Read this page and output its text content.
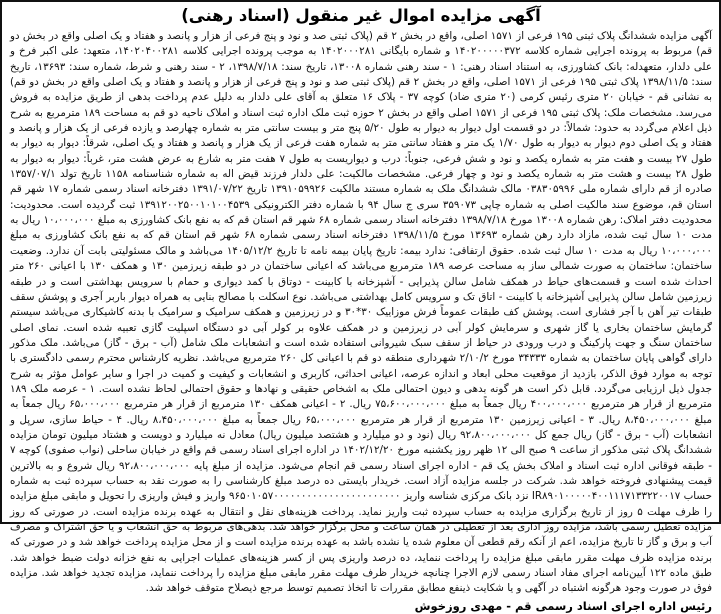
آگهی مزایده اموال غیر منقول (اسناد رهنی)
آگهی مزایده ششدانگ پلاک ثبتی ۱۹۵ فرعی از ۱۵۷۱ اصلی، واقع در بخش ۲ قم (پلاک ثبتی صد و نود و پنج فرعی از هزار و پانصد و هفتاد و یک اصلی واقع در بخش دو قم) مربوط به پرونده اجرایی شماره کلاسه ۱۴۰۲۰۰۰۰۰۳۷۲ و شماره بایگانی ۱۴۰۲۰۰۰۲۸۱ به موجب پرونده اجرایی کلاسه ۱۴۰۲۰۴۰۰۲۸۱، متعهد: علی اکبر فرخ و علی دلدار، متعهدله: بانک کشاورزی، به استناد اسناد رهنی: ۱ - سند رهنی شماره ۱۳۰۰۸، تاریخ سند: ۱۳۹۸/۷/۱۸، ۲ - سند رهنی و شرط، شماره سند: ۱۳۶۹۳، تاریخ سند: ۱۳۹۸/۱۱/۵ پلاک ثبتی ۱۹۵ فرعی از ۱۵۷۱ اصلی، واقع در بخش ۲ قم (پلاک ثبتی صد و نود و پنج فرعی از هزار و پانصد و هفتاد و یک اصلی واقع در بخش دو قم) به نشانی قم - خیابان ۲۰ متری رئیس کرمی (۲۰ متری ضاد) کوچه ۳۷ - پلاک ۱۶ متعلق به آقای علی دلدار به دلیل عدم پرداخت بدهی از طریق مزایده به فروش می‌رسد. مشخصات ملک: پلاک ثبتی ۱۹۵ فرعی از ۱۵۷۱ اصلی واقع در بخش ۲ حوزه ثبت ملک اداره ثبت اسناد و املاک ناحیه دو قم به مساحت ۱۸۹ مترمربع به شرح ذیل اعلام می‌گردد به حدود: شمالاً: در دو قسمت اول دیوار به دیوار به طول ۵/۲۰ پنج متر و بیست سانتی متر به شماره چهارصد و یازده فرعی از یک هزار و پانصد و هفتاد و یک اصلی دوم دیوار به دیوار به طول ۱/۷۰ یک متر و هفتاد سانتی متر به شماره هفت فرعی از یک هزار و پانصد و هفتاد و یک اصلی، شرقاً: دیوار به دیوار به طول ۲۷ بیست و هفت متر به شماره یکصد و نود و شش فرعی، جنوباً: درب و دیواریست به طول ۷ هفت متر به شارع به عرض هشت متر، غرباً: دیوار به دیوار به طول ۲۸ بیست و هشت متر به شماره یکصد و نود و چهار فرعی. مشخصات مالکیت: علی دلدار فرزند قیض اله به شماره شناسنامه ۱۱۵۸ تاریخ تولد ۱۳۵۷/۰۷/۱ صادره از قم دارای شماره ملی ۰۳۸۳۰۵۹۹۶ مالک ششدانگ ملک به شماره مستند مالکیت ۱۳۹۱۰۵۹۹۲۶ تاریخ ۱۳۹۱/۰۷/۲۲ دفترخانه اسناد رسمی شماره ۱۷ شهر قم استان قم، موضوع سند مالکیت اصلی به شماره چاپی ۳۵۹۰۷۳ سری ج سال ۹۴ با شماره دفتر الکترونیکی ۱۳۹۱۲۰۰۲۵۰۰۱۰۱۰۰۴۵۳۹ ثبت گردیده است. محدودیت: محدودیت دفتر املاک: رهن شماره ۱۳۰۰۸ مورخ ۱۳۹۸/۷/۱۸ دفترخانه اسناد رسمی شماره ۶۸ شهر قم استان قم که به نفع بانک کشاورزی به مبلغ ۱۰،۰۰۰،۰۰۰ ریال به مدت ۱۰ سال ثبت شده، مازاد دارد رهن شماره ۱۳۶۹۳ مورخ ۱۳۹۸/۱۱/۵ دفترخانه اسناد رسمی شماره ۶۸ شهر قم استان قم که به نفع بانک کشاورزی به مبلغ ۱۰،۰۰۰،۰۰۰ ریال به مدت ۱۰ سال ثبت شده. حقوق ارتفاقی: ندارد بیمه: تاریخ پایان بیمه نامه تا تاریخ ۱۴۰۵/۱۲/۲ می‌باشد و مالک مسئولیتی بابت آن ندارد. وضعیت ساختمان: ساختمان به صورت شمالی ساز به مساحت عرصه ۱۸۹ مترمربع می‌باشد که اعیانی ساختمان در دو طبقه زیرزمین ۱۳۰ و همکف ۱۳۰ با اعیانی ۲۶۰ متر احداث شده است و قسمت‌های حیاط در همکف شامل سالن پذیرایی - آشپزخانه با کابینت - دوتاق با کمد دیواری و حمام با سرویس بهداشتی است و در طبقه زیرزمین شامل سالن پذیرایی آشپزخانه با کابینت - اتاق تک و سرویس کامل بهداشتی می‌باشد. نوع اسکلت با مصالح بنایی به همراه دیوار باربر آجری و پوشش سقف طبقات تیر آهن با آجر فشاری است. پوشش کف طبقات عموماً فرش موزاییک ۳۰*۳۰ و در زیرزمین و همکف سرامیک و سرامیک با بدنه کاشیکاری می‌باشد سیستم گرمایش ساختمان بخاری یا گاز شهری و سرمایش کولر آبی در زیرزمین و در همکف علاوه بر کولر آبی دو دستگاه اسپلیت گازی تعبیه شده است. نمای اصلی ساختمان سنگ و جهت پارکینگ و درب ورودی در حیاط از سقف سبک شیروانی استفاده شده است و انشعابات ملک شامل (آب - برق - گاز) می‌باشد. ملک مذکور دارای گواهی پایان ساختمان به شماره ۳۴۳۳۳ مورخ ۲/۱۰/۲ شهرداری منطقه دو قم با اعیانی کل ۲۶۰ مترمربع می‌باشد. نظریه کارشناس محترم رسمی دادگستری با توجه به موارد فوق الذکر، بازدید از موقعیت محلی ابعاد و اندازه عرصه، اعیانی احداثی، کاربری و انشعابات و کیفیت و کمیت در اجرا و سایر عوامل مؤثر به شرح جدول ذیل ارزیابی می‌گردد. قابل ذکر است هر گونه بدهی و دیون احتمالی ملک به اشخاص حقیقی و نهادها و حقوق احتمالی لحاظ نشده است. ۱ - عرصه ملک ۱۸۹ مترمربع از قرار هر مترمربع ۴۰۰،۰۰۰،۰۰۰ ریال جمعاً به مبلغ ۷۵،۶۰۰،۰۰۰،۰۰۰ ریال. ۲ - اعیانی همکف ۱۳۰ مترمربع از قرار هر مترمربع ۶۵،۰۰۰،۰۰۰ ریال جمعاً به مبلغ ۸،۴۵۰،۰۰۰،۰۰۰ ریال. ۳ - اعیانی زیرزمین ۱۳۰ مترمربع از قرار هر مترمربع ۶۵،۰۰۰،۰۰۰ ریال جمعاً به مبلغ ۸،۴۵۰،۰۰۰،۰۰۰ ریال. ۴ - حیاط سازی، سرپل و انشعابات (آب - برق - گاز) ریال جمع کل ۹۲،۸۰۰،۰۰۰،۰۰۰ ریال (نود و دو میلیارد و هشتصد میلیون ریال) معادل نه میلیارد و دویست و هشتاد میلیون تومان مزایده ششدانگ پلاک ثبتی مذکور از ساعت ۹ صبح الی ۱۲ ظهر روز یکشنبه مورخ ۱۴۰۲/۱۲/۲۰ در اداره اجرای اسناد رسمی قم واقع در خیابان ساحلی (نواب صفوی) کوچه ۷ - طبقه فوقانی اداره ثبت اسناد و املاک بخش یک قم - اداره اجرای اسناد رسمی قم انجام می‌شود. مزایده از مبلغ پایه ۹۲،۸۰۰،۰۰۰،۰۰۰ ریال شروع و به بالاترین قیمت پیشنهادی فروخته خواهد شد. شرکت در جلسه مزایده آزاد است. خریدار بایستی ده درصد مبلغ کارشناسی را به صورت نقد به حساب سپرده ثبت به شماره حساب IR۸۹۰۱۰۰۰۰۰۴۰۰۱۱۱۷۱۳۳۲۲۰۰۱۷ نزد بانک مرکزی شناسه واریز ۹۶۵۰۱۰۵۷۰۰۰۰۰۰۰۰۰۰۰۰۰۰۰۰۰۰۰۰۰۰۰ واریز و فیش واریزی را تحویل و مابقی مبلغ مزایده را ظرف مهلت ۵ روز از تاریخ برگزاری مزایده به حساب سپرده ثبت واریز نماید. پرداخت هزینه‌های نقل و انتقال به عهده برنده مزایده است. در صورتی که روز مزایده تعطیل رسمی باشد، مزایده روز اداری بعد از تعطیلی در همان ساعت و محل برگزار خواهد شد. بدهی‌های مربوط به حق انشعاب و یا حق اشتراک و مصرف آب و برق و گاز تا تاریخ مزایده، اعم از آنکه رقم قطعی آن معلوم شده یا نشده باشد به عهده برنده مزایده است و از محل مزایده پرداخت خواهد شد و در صورتی که برنده مزایده ظرف مهلت مقرر مابقی مبلغ مزایده را پرداخت ننماید، ده درصد واریزی پس از کسر هزینه‌های عملیات اجرایی به نفع خزانه دولت ضبط خواهد شد. طبق ماده ۱۲۲ آیین‌نامه اجرای مفاد اسناد رسمی لازم الاجرا چنانچه خریدار ظرف مهلت مقرر مابقی مبلغ مزایده را پرداخت ننماید، مزایده تجدید خواهد شد. مزایده فوق در صورت وجود هرگونه اشتباه در آگهی و یا شکایت ذینفع مطابق مقررات تا اتخاذ تصمیم توسط مرجع ذیصلاح متوقف خواهد شد.
رئیس اداره اجرای اسناد رسمی قم - مهدی روزخوش
